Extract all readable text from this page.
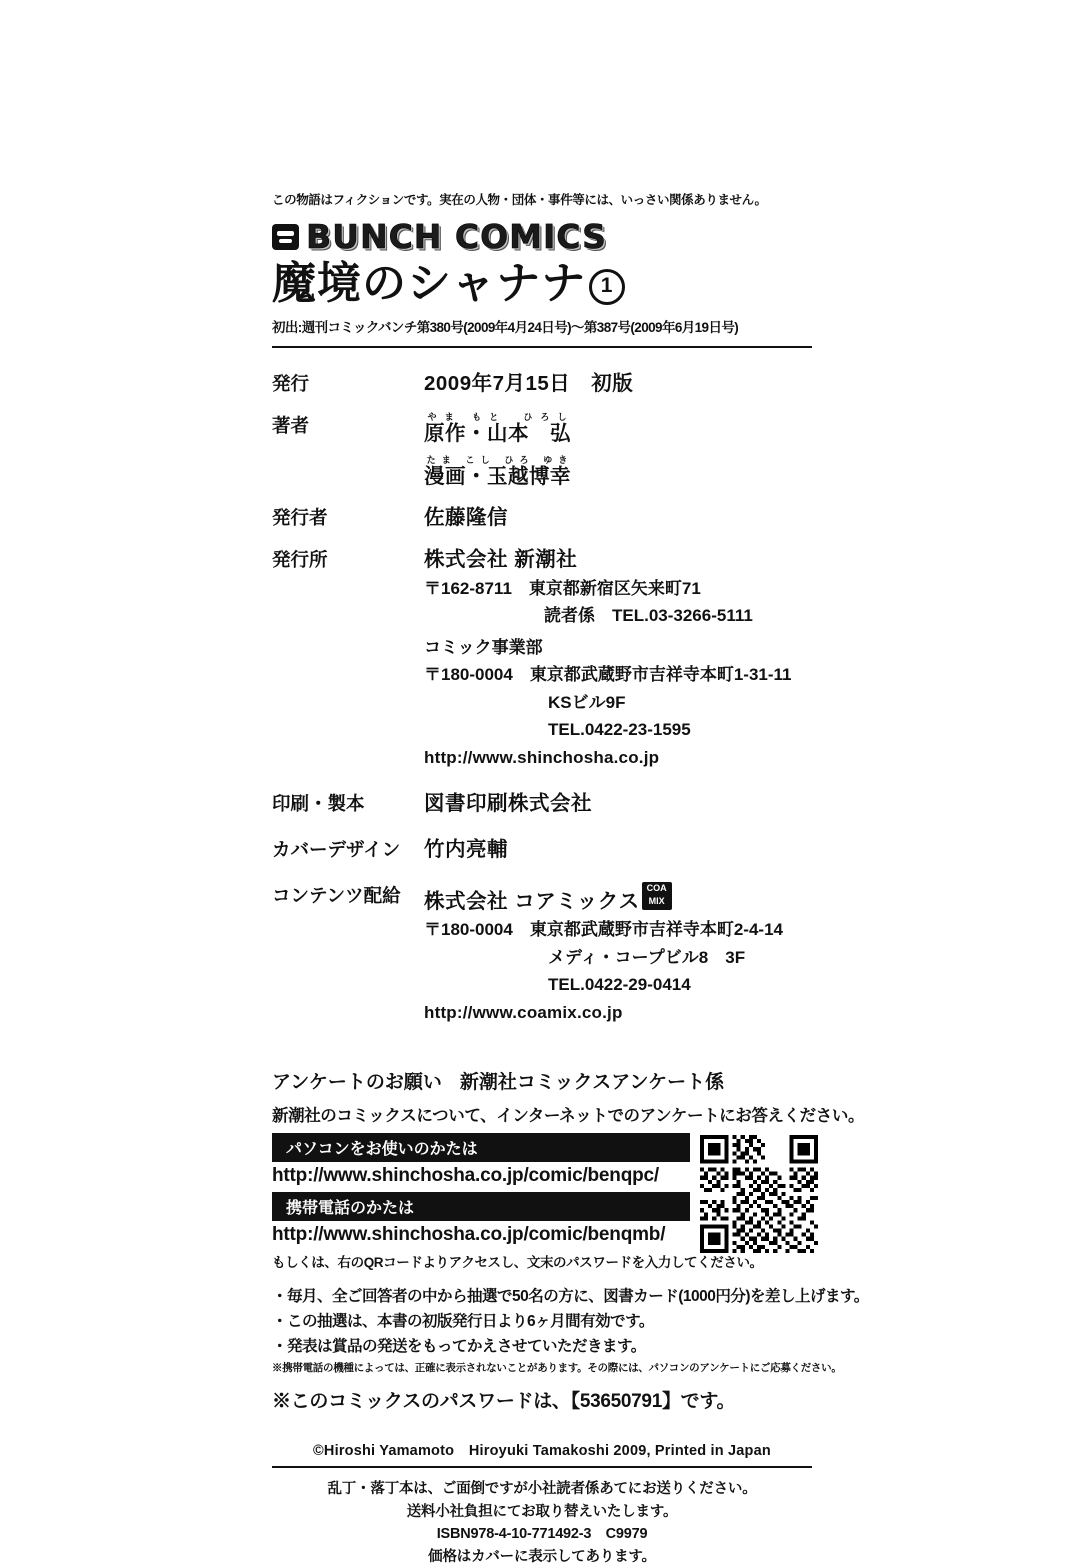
この物語はフィクションです。実在の人物・団体・事件等には、いっさい関係ありません。
BUNCH COMICS
魔境のシャナナ 1
初出:週刊コミックバンチ第380号(2009年4月24日号)〜第387号(2009年6月19日号)
発行	2009年7月15日　初版
著者	原作・山本　弘やま もと　ひろし
漫画・玉越博幸たま こし ひろ ゆき
発行者	佐藤隆信
発行所	株式会社 新潮社
〒162-8711　東京都新宿区矢来町71
読者係　TEL.03-3266-5111
コミック事業部
〒180-0004　東京都武蔵野市吉祥寺本町1-31-11
KSビル9F
TEL.0422-23-1595
http://www.shinchosha.co.jp
印刷・製本	図書印刷株式会社
カバーデザイン	竹内亮輔
コンテンツ配給	株式会社 コアミックスCOA
MIX
〒180-0004　東京都武蔵野市吉祥寺本町2-4-14
メディ・コープビル8　3F
TEL.0422-29-0414
http://www.coamix.co.jp
アンケートのお願い 新潮社コミックスアンケート係
新潮社のコミックスについて、インターネットでのアンケートにお答えください。
パソコンをお使いのかたは
http://www.shinchosha.co.jp/comic/benqpc/
携帯電話のかたは
http://www.shinchosha.co.jp/comic/benqmb/
もしくは、右のQRコードよりアクセスし、文末のパスワードを入力してください。
・毎月、全ご回答者の中から抽選で50名の方に、図書カード(1000円分)を差し上げます。
・この抽選は、本書の初版発行日より6ヶ月間有効です。
・発表は賞品の発送をもってかえさせていただきます。
※携帯電話の機種によっては、正確に表示されないことがあります。その際には、パソコンのアンケートにご応募ください。
※このコミックスのパスワードは、【53650791】です。
©Hiroshi Yamamoto　Hiroyuki Tamakoshi 2009, Printed in Japan
乱丁・落丁本は、ご面倒ですが小社読者係あてにお送りください。
送料小社負担にてお取り替えいたします。
ISBN978-4-10-771492-3　C9979
価格はカバーに表示してあります。
